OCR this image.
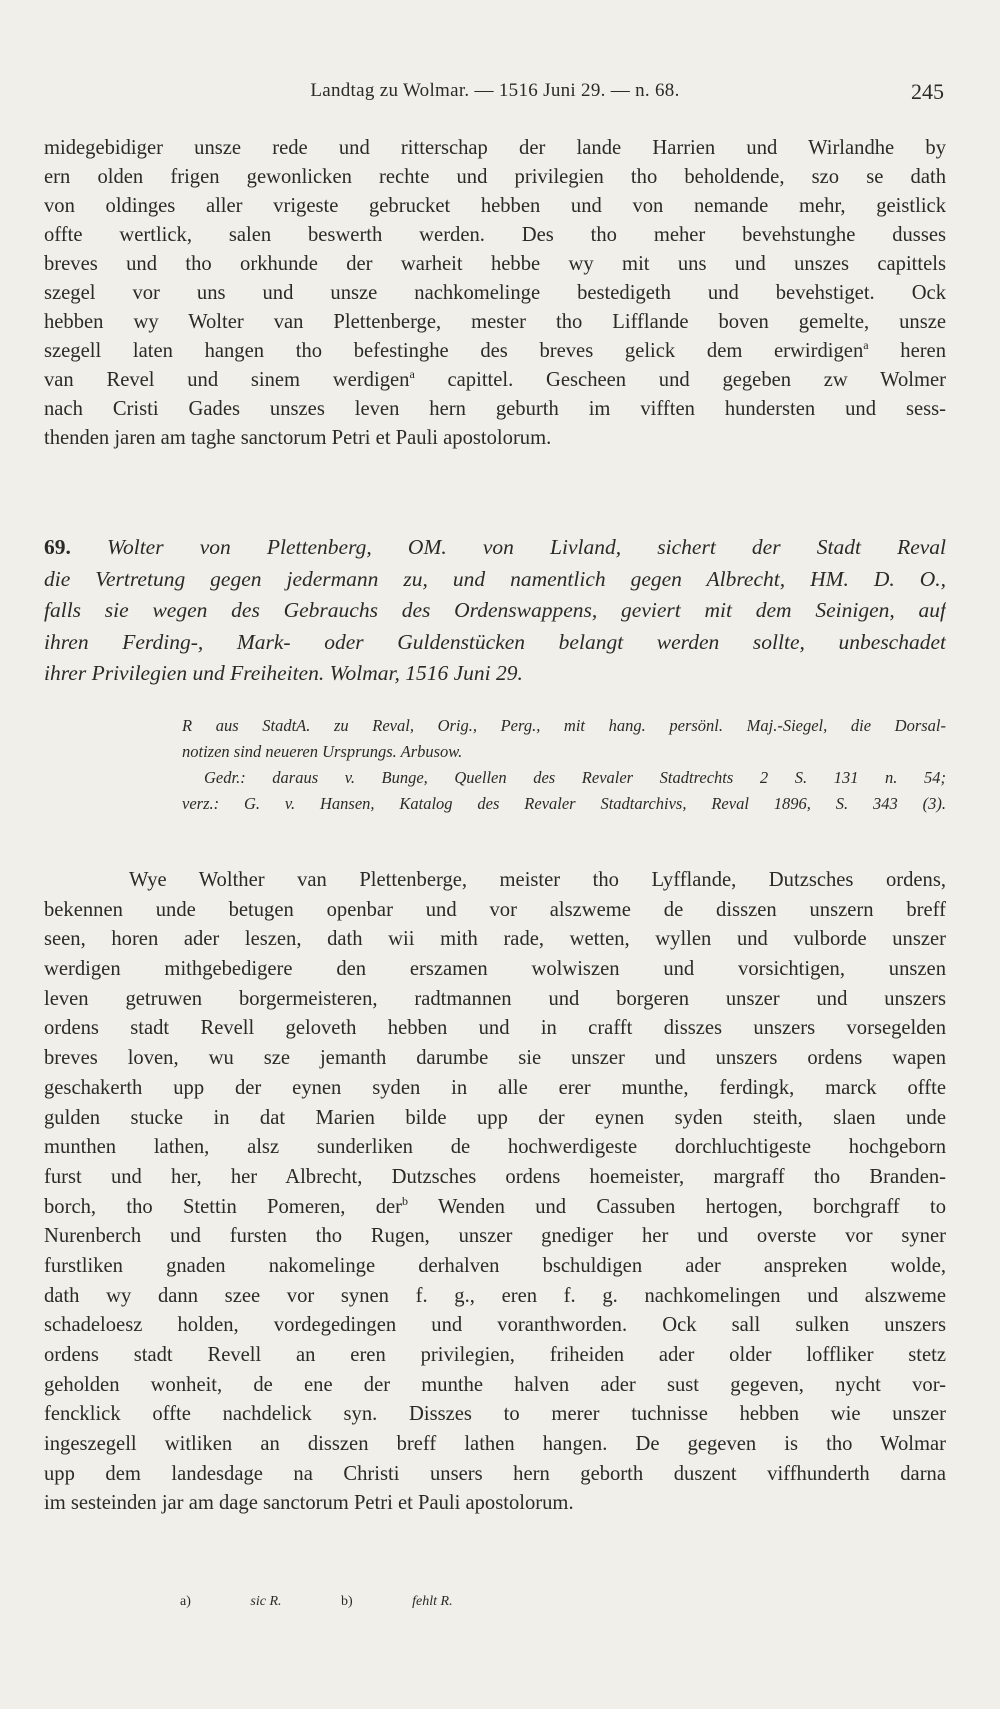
Landtag zu Wolmar. — 1516 Juni 29. — n. 68.	245
midegebidiger unsze rede und ritterschap der lande Harrien und Wirlandhe by
ern olden frigen gewonlicken rechte und privilegien tho beholdende, szo se dath
von oldinges aller vrigeste gebrucket hebben und von nemande mehr, geistlick
offte wertlick, salen beswerth werden. Des tho meher bevehstunghe dusses
breves und tho orkhunde der warheit hebbe wy mit uns und unszes capittels
szegel vor uns und unsze nachkomelinge bestedigeth und bevehstiget. Ock
hebben wy Wolter van Plettenberge, mester tho Lifflande boven gemelte, unsze
szegell laten hangen tho befestinghe des breves gelick dem erwirdigen$^a$ heren
van Revel und sinem werdigen$^a$ capittel. Gescheen und gegeben zw Wolmer
nach Cristi Gades unszes leven hern geburth im vifften hundersten und sess-
thenden jaren am taghe sanctorum Petri et Pauli apostolorum.
69. Wolter von Plettenberg, OM. von Livland, sichert der Stadt Reval
die Vertretung gegen jedermann zu, und namentlich gegen Albrecht, HM. D. O.,
falls sie wegen des Gebrauchs des Ordenswappens, geviert mit dem Seinigen, auf
ihren Ferding-, Mark- oder Guldenstücken belangt werden sollte, unbeschadet
ihrer Privilegien und Freiheiten. Wolmar, 1516 Juni 29.
R aus StadtA. zu Reval, Orig., Perg., mit hang. persönl. Maj.-Siegel, die Dorsal-
notizen sind neueren Ursprungs. Arbusow.
Gedr.: daraus v. Bunge, Quellen des Revaler Stadtrechts 2 S. 131 n. 54;
verz.: G. v. Hansen, Katalog des Revaler Stadtarchivs, Reval 1896, S. 343 (3).
Wye Wolther van Plettenberge, meister tho Lyfflande, Dutzsches ordens,
bekennen unde betugen openbar und vor alszweme de disszen unszern breff
seen, horen ader leszen, dath wii mith rade, wetten, wyllen und vulborde unszer
werdigen mithgebedigere den erszamen wolwiszen und vorsichtigen, unszen
leven getruwen borgermeisteren, radtmannen und borgeren unszer und unszers
ordens stadt Revell geloveth hebben und in crafft disszes unszers vorsegelden
breves loven, wu sze jemanth darumbe sie unszer und unszers ordens wapen
geschakerth upp der eynen syden in alle erer munthe, ferdingk, marck offte
gulden stucke in dat Marien bilde upp der eynen syden steith, slaen unde
munthen lathen, alsz sunderliken de hochwerdigeste dorchluchtigeste hochgeborn
furst und her, her Albrecht, Dutzsches ordens hoemeister, margraff tho Branden-
borch, tho Stettin Pomeren, der$^b$ Wenden und Cassuben hertogen, borchgraff to
Nurenberch und fursten tho Rugen, unszer gnediger her und overste vor syner
furstliken gnaden nakomelinge derhalven bschuldigen ader anspreken wolde,
dath wy dann szee vor synen f. g., eren f. g. nachkomelingen und alszweme
schadeloesz holden, vordegedingen und voranthworden. Ock sall sulken unszers
ordens stadt Revell an eren privilegien, friheiden ader older loffliker stetz
geholden wonheit, de ene der munthe halven ader sust gegeven, nycht vor-
fencklick offte nachdelick syn. Disszes to merer tuchnisse hebben wie unszer
ingeszegell witliken an disszen breff lathen hangen. De gegeven is tho Wolmar
upp dem landesdage na Christi unsers hern geborth duszent viffhunderth darna
im sesteinden jar am dage sanctorum Petri et Pauli apostolorum.
a)	sic R.	b)	fehlt R.
